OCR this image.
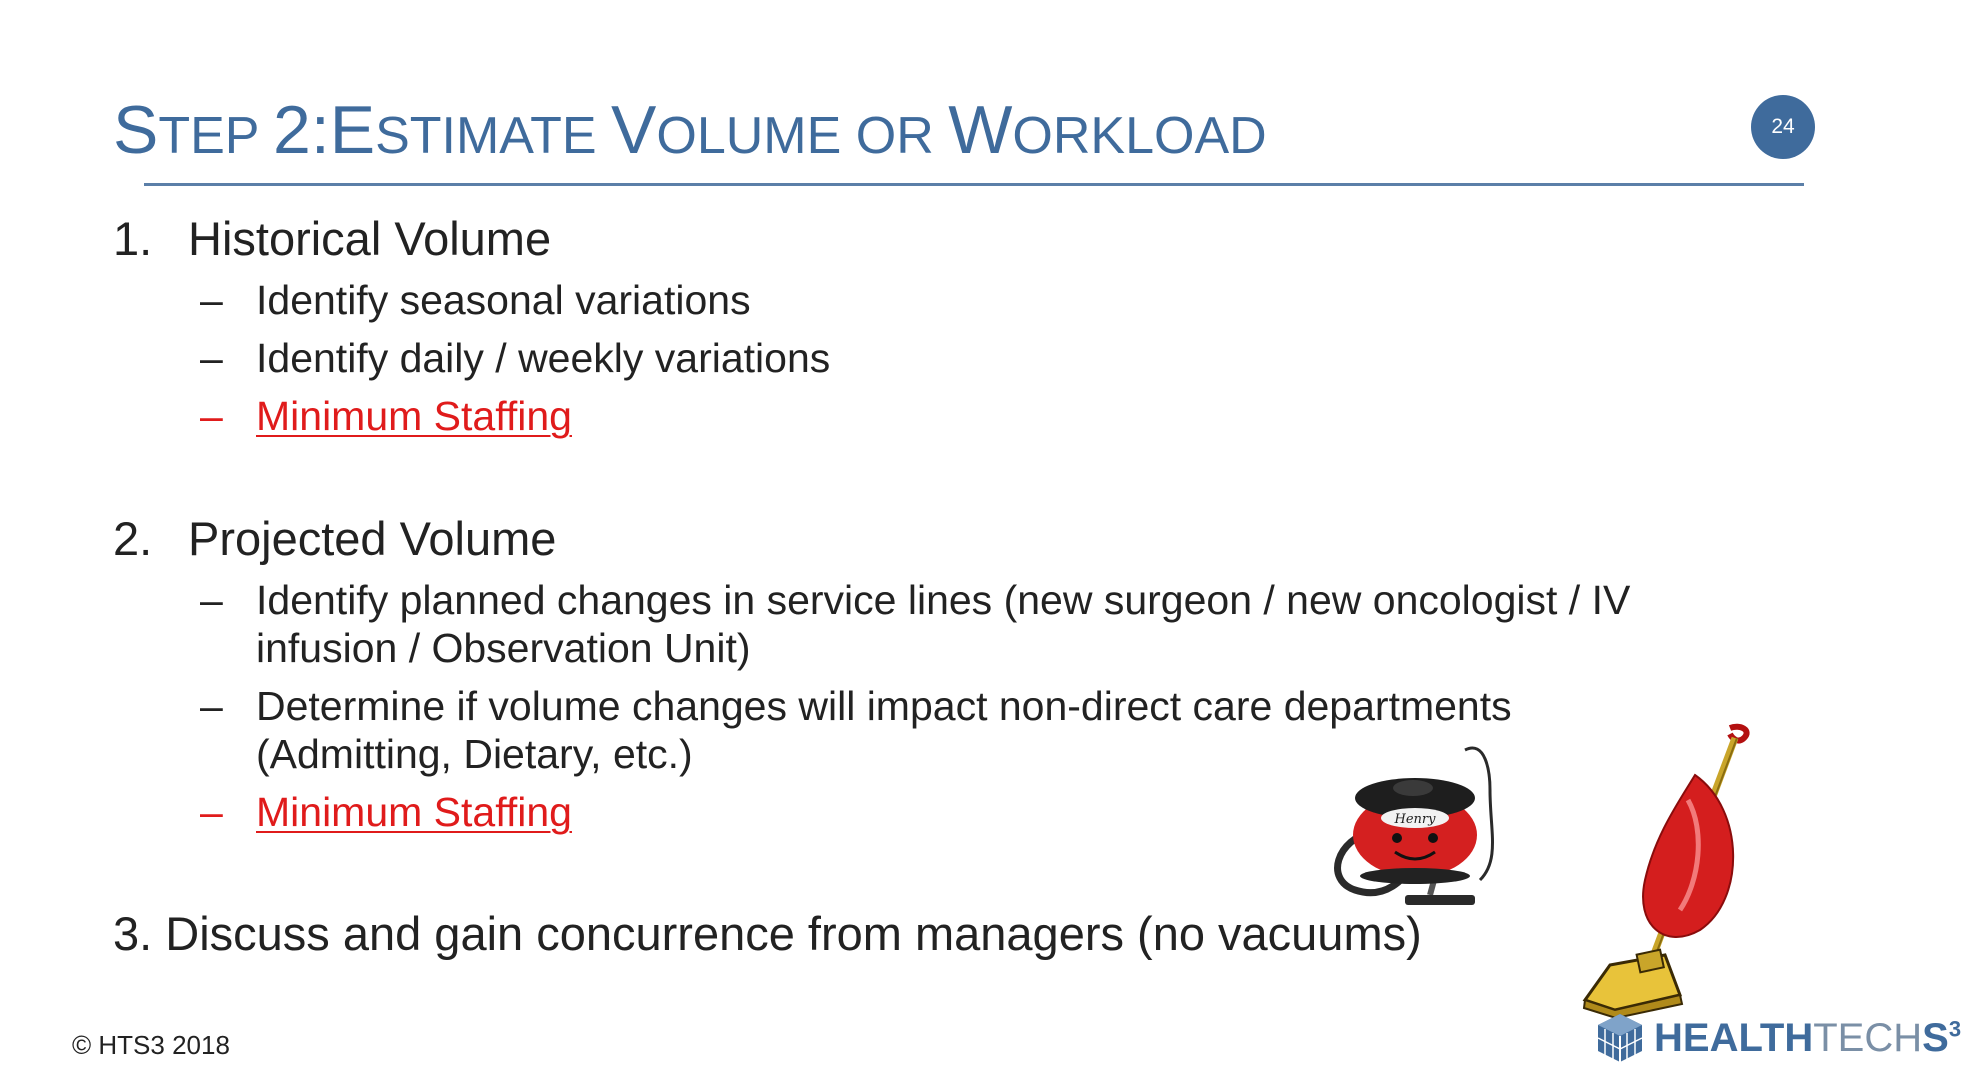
STEP 2:ESTIMATE VOLUME OR WORKLOAD	24
1. Historical Volume
– Identify seasonal variations
– Identify daily / weekly variations
– Minimum Staffing
2. Projected Volume
– Identify planned changes in service lines (new surgeon / new oncologist / IV infusion / Observation Unit)
– Determine if volume changes will impact non-direct care departments (Admitting, Dietary, etc.)
– Minimum Staffing
3. Discuss and gain concurrence from managers (no vacuums)
Henry
© HTS3 2018	HEALTHTECHS$^3$
